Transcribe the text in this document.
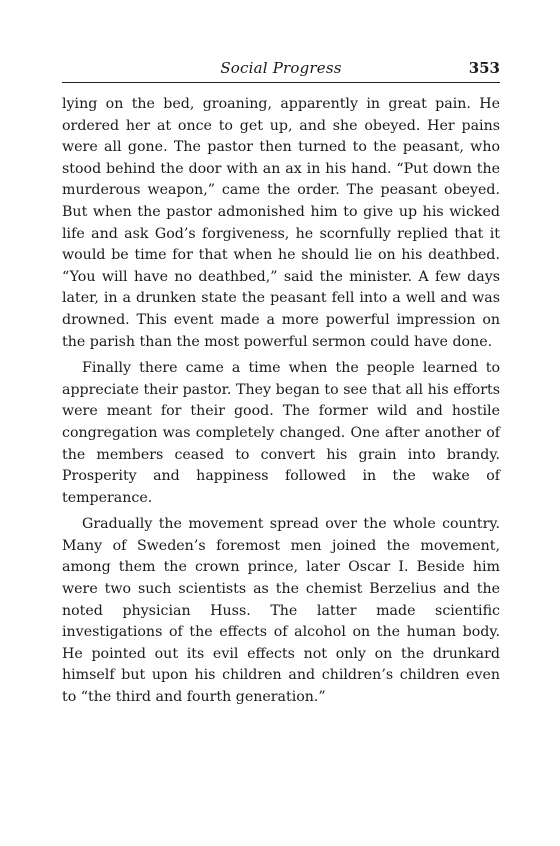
Social Progress	353

lying on the bed, groaning, apparently in great pain. He ordered her at once to get up, and she obeyed. Her pains were all gone. The pastor then turned to the peasant, who stood behind the door with an ax in his hand. “Put down the murderous weapon,” came the order. The peasant obeyed. But when the pastor admonished him to give up his wicked life and ask God’s forgiveness, he scornfully replied that it would be time for that when he should lie on his deathbed. “You will have no deathbed,” said the minister. A few days later, in a drunken state the peasant fell into a well and was drowned. This event made a more powerful impression on the parish than the most powerful sermon could have done.

Finally there came a time when the people learned to appreciate their pastor. They began to see that all his efforts were meant for their good. The former wild and hostile congregation was completely changed. One after another of the members ceased to convert his grain into brandy. Prosperity and happiness followed in the wake of temperance.

Gradually the movement spread over the whole country. Many of Sweden’s foremost men joined the movement, among them the crown prince, later Oscar I. Beside him were two such scientists as the chemist Berzelius and the noted physician Huss. The latter made scientific investigations of the effects of alcohol on the human body. He pointed out its evil effects not only on the drunkard himself but upon his children and children’s children even to “the third and fourth generation.”
